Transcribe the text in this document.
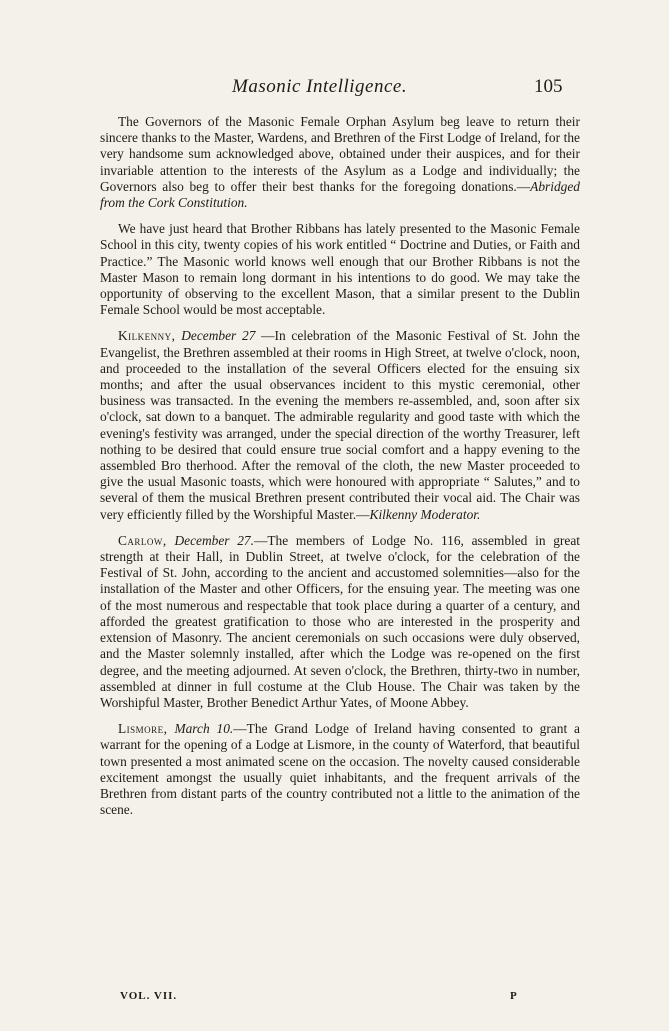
Masonic Intelligence.	105

The Governors of the Masonic Female Orphan Asylum beg leave to return their sincere thanks to the Master, Wardens, and Brethren of the First Lodge of Ireland, for the very handsome sum acknowledged above, obtained under their auspices, and for their invariable attention to the interests of the Asylum as a Lodge and individually; the Governors also beg to offer their best thanks for the foregoing donations.—Abridged from the Cork Constitution.

We have just heard that Brother Ribbans has lately presented to the Masonic Female School in this city, twenty copies of his work entitled “ Doctrine and Duties, or Faith and Practice.” The Masonic world knows well enough that our Brother Ribbans is not the Master Mason to remain long dormant in his intentions to do good. We may take the opportunity of observing to the excellent Mason, that a similar present to the Dublin Female School would be most acceptable.

Kilkenny, December 27 —In celebration of the Masonic Festival of St. John the Evangelist, the Brethren assembled at their rooms in High Street, at twelve o'clock, noon, and proceeded to the installation of the several Officers elected for the ensuing six months; and after the usual observances incident to this mystic ceremonial, other business was transacted. In the evening the members re-assembled, and, soon after six o'clock, sat down to a banquet. The admirable regularity and good taste with which the evening's festivity was arranged, under the special direction of the worthy Treasurer, left nothing to be desired that could ensure true social comfort and a happy evening to the assembled Bro therhood. After the removal of the cloth, the new Master proceeded to give the usual Masonic toasts, which were honoured with appropriate “ Salutes,” and to several of them the musical Brethren present contributed their vocal aid. The Chair was very efficiently filled by the Worshipful Master.—Kilkenny Moderator.

Carlow, December 27.—The members of Lodge No. 116, assembled in great strength at their Hall, in Dublin Street, at twelve o'clock, for the celebration of the Festival of St. John, according to the ancient and accustomed solemnities—also for the installation of the Master and other Officers, for the ensuing year. The meeting was one of the most numerous and respectable that took place during a quarter of a century, and afforded the greatest gratification to those who are interested in the prosperity and extension of Masonry. The ancient ceremonials on such occasions were duly observed, and the Master solemnly installed, after which the Lodge was re-opened on the first degree, and the meeting adjourned. At seven o'clock, the Brethren, thirty-two in number, assembled at dinner in full costume at the Club House. The Chair was taken by the Worshipful Master, Brother Benedict Arthur Yates, of Moone Abbey.

Lismore, March 10.—The Grand Lodge of Ireland having consented to grant a warrant for the opening of a Lodge at Lismore, in the county of Waterford, that beautiful town presented a most animated scene on the occasion. The novelty caused considerable excitement amongst the usually quiet inhabitants, and the frequent arrivals of the Brethren from distant parts of the country contributed not a little to the animation of the scene.

VOL. VII.	P
